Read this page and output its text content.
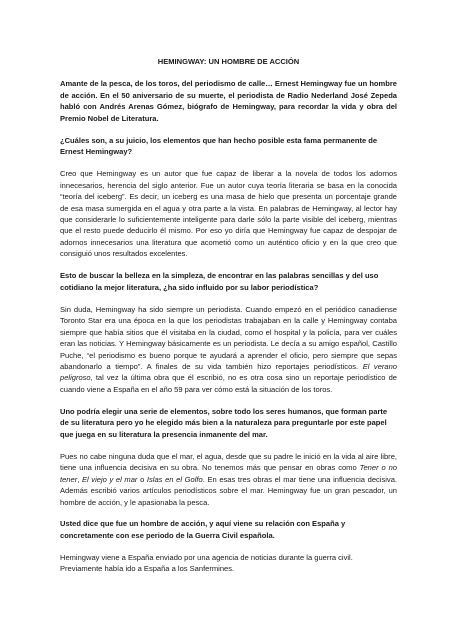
HEMINGWAY: UN HOMBRE DE ACCIÓN

Amante de la pesca, de los toros, del periodismo de calle… Ernest Hemingway fue un hombre de acción. En el 50 aniversario de su muerte, el periodista de Radio Nederland José Zepeda habló con Andrés Arenas Gómez, biógrafo de Hemingway, para recordar la vida y obra del Premio Nobel de Literatura.

¿Cuáles son, a su juicio, los elementos que han hecho posible esta fama permanente de Ernest Hemingway?

Creo que Hemingway es un autor que fue capaz de liberar a la novela de todos los adornos innecesarios, herencia del siglo anterior. Fue un autor cuya teoría literaria se basa en la conocida “teoría del iceberg”. Es decir, un iceberg es una masa de hielo que presenta un porcentaje grande de esa masa sumergida en el agua y otra parte a la vista. En palabras de Hemingway, al lector hay que considerarle lo suficientemente inteligente para darle sólo la parte visible del iceberg, mientras que el resto puede deducirlo él mismo. Por eso yo diría que Hemingway fue capaz de despojar de adornos innecesarios una literatura que acometió como un auténtico oficio y en la que creo que consiguió unos resultados excelentes.

Esto de buscar la belleza en la simpleza, de encontrar en las palabras sencillas y del uso cotidiano la mejor literatura, ¿ha sido influido por su labor periodística?

Sin duda, Hemingway ha sido siempre un periodista. Cuando empezó en el periódico canadiense Toronto Star era una época en la que los periodistas trabajaban en la calle y Hemingway contaba siempre que había sitios que él visitaba en la ciudad, como el hospital y la policía, para ver cuáles eran las noticias. Y Hemingway básicamente es un periodista. Le decía a su amigo español, Castillo Puche, “el periodismo es bueno porque te ayudará a aprender el oficio, pero siempre que sepas abandonarlo a tiempo”. A finales de su vida también hizo reportajes periodísticos. El verano peligroso, tal vez la última obra que él escribió, no es otra cosa sino un reportaje periodístico de cuando viene a España en el año 59 para ver cómo está la situación de los toros.

Uno podría elegir una serie de elementos, sobre todo los seres humanos, que forman parte de su literatura pero yo he elegido más bien a la naturaleza para preguntarle por este papel que juega en su literatura la presencia inmanente del mar.

Pues no cabe ninguna duda que el mar, el agua, desde que su padre le inició en la vida al aire libre, tiene una influencia decisiva en su obra. No tenemos más que pensar en obras como Tener o no tener, El viejo y el mar o Islas en el Golfo. En esas tres obras el mar tiene una influencia decisiva. Además escribió varios artículos periodísticos sobre el mar. Hemingway fue un gran pescador, un hombre de acción, y le apasionaba la pesca.

Usted dice que fue un hombre de acción, y aquí viene su relación con España y concretamente con ese periodo de la Guerra Civil española.

Hemingway viene a España enviado por una agencia de noticias durante la guerra civil. Previamente había ido a España a los Sanfermines.
